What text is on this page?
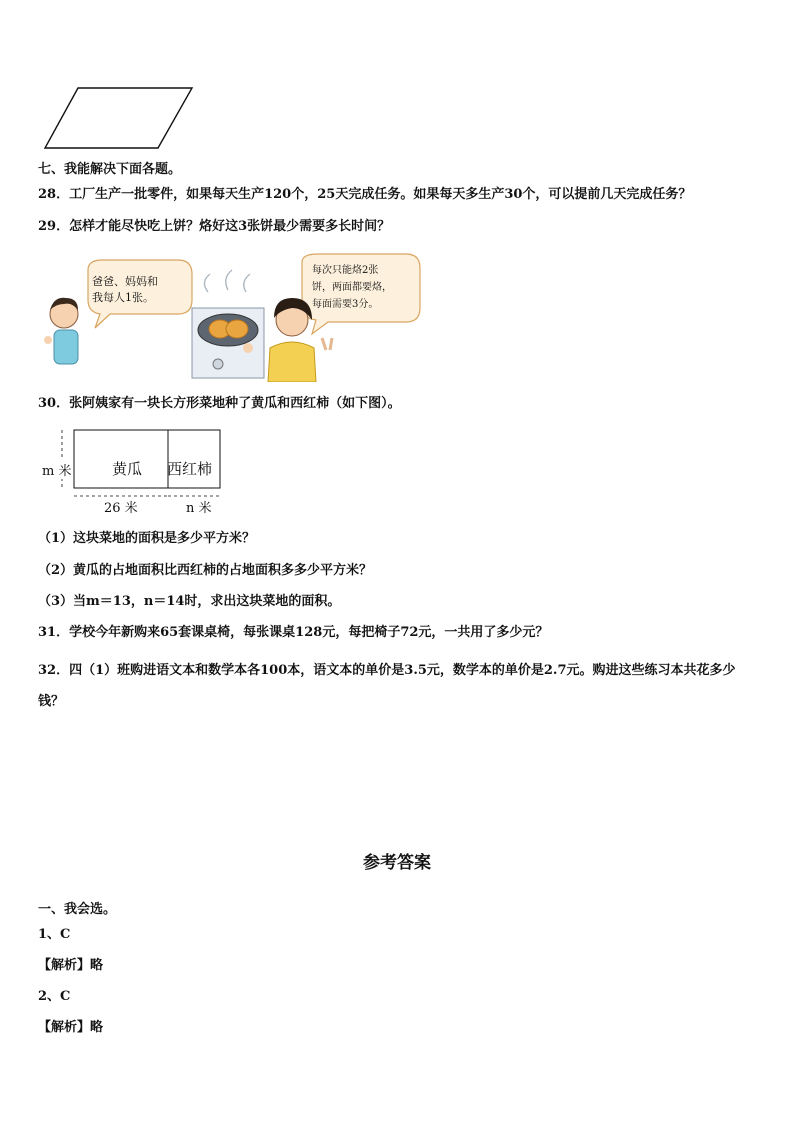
七、我能解决下面各题。
28．工厂生产一批零件，如果每天生产120个，25天完成任务。如果每天多生产30个，可以提前几天完成任务？
29．怎样才能尽快吃上饼？烙好这3张饼最少需要多长时间？
爸爸、妈妈和
我每人1张。
每次只能烙2张
饼，两面都要烙，
每面需要3分。
30．张阿姨家有一块长方形菜地种了黄瓜和西红柿（如下图）。
黄瓜 西红柿
m 米
26 米	n 米
（1）这块菜地的面积是多少平方米？
（2）黄瓜的占地面积比西红柿的占地面积多多少平方米？
（3）当m＝13，n＝14时，求出这块菜地的面积。
31．学校今年新购来65套课桌椅，每张课桌128元，每把椅子72元，一共用了多少元？
32．四（1）班购进语文本和数学本各100本，语文本的单价是3.5元，数学本的单价是2.7元。购进这些练习本共花多少钱？
参考答案
一、我会选。
1、C
【解析】略
2、C
【解析】略
